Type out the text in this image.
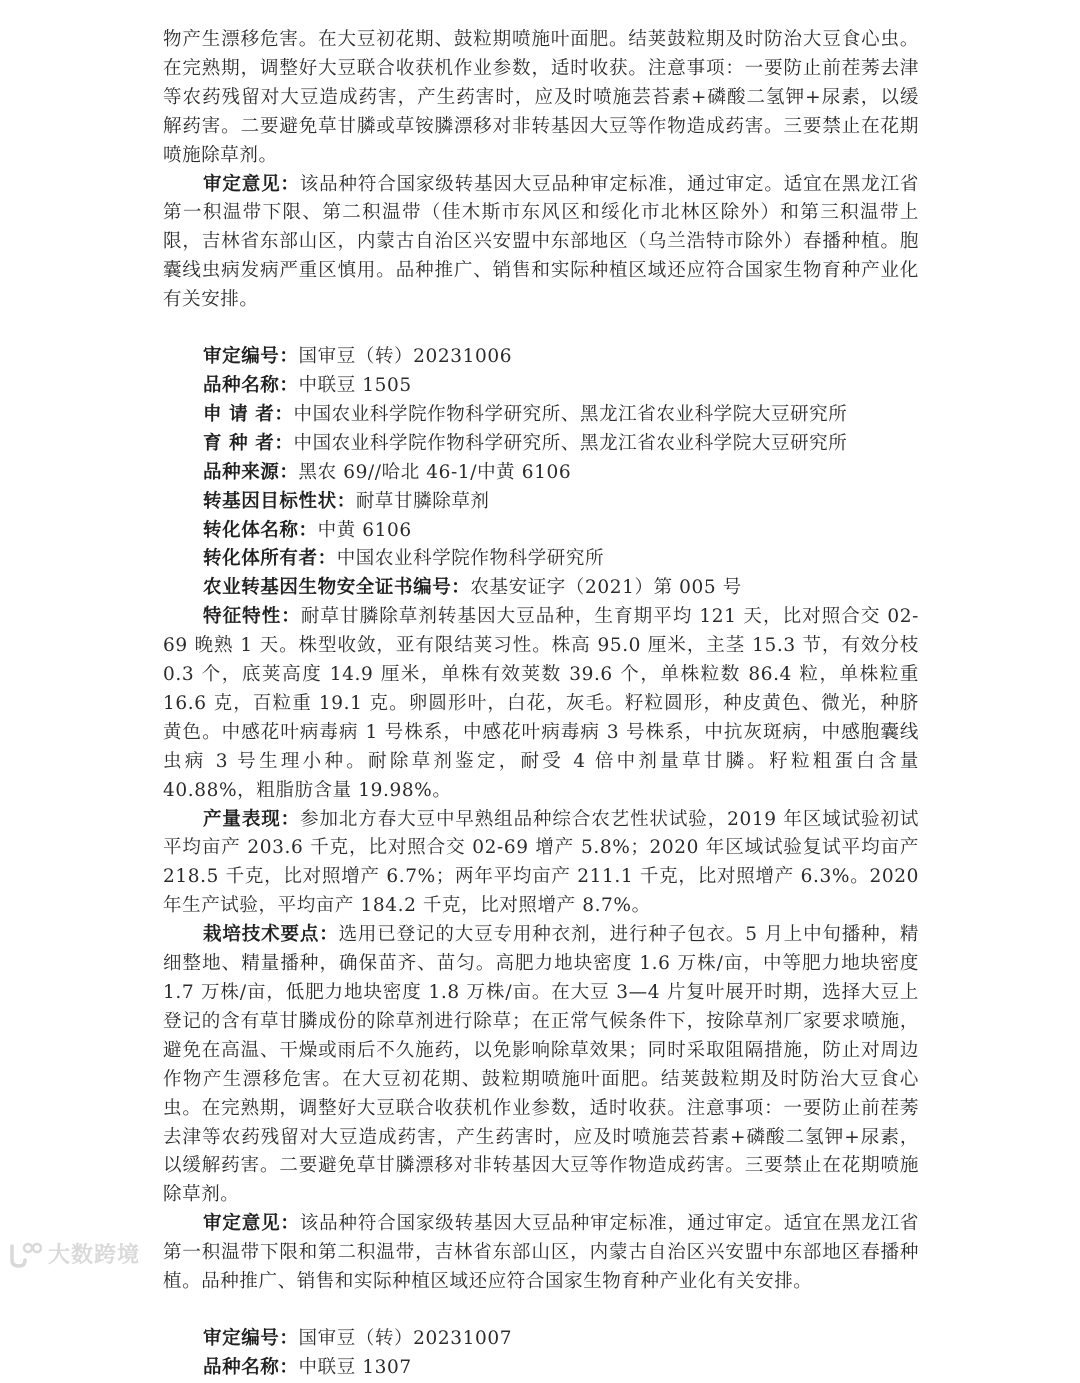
物产生漂移危害。在大豆初花期、鼓粒期喷施叶面肥。结荚鼓粒期及时防治大豆食心虫。在完熟期，调整好大豆联合收获机作业参数，适时收获。注意事项：一要防止前茬莠去津等农药残留对大豆造成药害，产生药害时，应及时喷施芸苔素+磷酸二氢钾+尿素，以缓解药害。二要避免草甘膦或草铵膦漂移对非转基因大豆等作物造成药害。三要禁止在花期喷施除草剂。

审定意见：该品种符合国家级转基因大豆品种审定标准，通过审定。适宜在黑龙江省第一积温带下限、第二积温带（佳木斯市东风区和绥化市北林区除外）和第三积温带上限，吉林省东部山区，内蒙古自治区兴安盟中东部地区（乌兰浩特市除外）春播种植。胞囊线虫病发病严重区慎用。品种推广、销售和实际种植区域还应符合国家生物育种产业化有关安排。

审定编号：国审豆（转）20231006

品种名称：中联豆 1505

申 请 者：中国农业科学院作物科学研究所、黑龙江省农业科学院大豆研究所

育 种 者：中国农业科学院作物科学研究所、黑龙江省农业科学院大豆研究所

品种来源：黑农 69//哈北 46-1/中黄 6106

转基因目标性状：耐草甘膦除草剂

转化体名称：中黄 6106

转化体所有者：中国农业科学院作物科学研究所

农业转基因生物安全证书编号：农基安证字（2021）第 005 号

特征特性：耐草甘膦除草剂转基因大豆品种，生育期平均 121 天，比对照合交 02-69 晚熟 1 天。株型收敛，亚有限结荚习性。株高 95.0 厘米，主茎 15.3 节，有效分枝 0.3 个，底荚高度 14.9 厘米，单株有效荚数 39.6 个，单株粒数 86.4 粒，单株粒重 16.6 克，百粒重 19.1 克。卵圆形叶，白花，灰毛。籽粒圆形，种皮黄色、微光，种脐黄色。中感花叶病毒病 1 号株系，中感花叶病毒病 3 号株系，中抗灰斑病，中感胞囊线虫病 3 号生理小种。耐除草剂鉴定，耐受 4 倍中剂量草甘膦。籽粒粗蛋白含量 40.88%，粗脂肪含量 19.98%。

产量表现：参加北方春大豆中早熟组品种综合农艺性状试验，2019 年区域试验初试平均亩产 203.6 千克，比对照合交 02-69 增产 5.8%；2020 年区域试验复试平均亩产 218.5 千克，比对照增产 6.7%；两年平均亩产 211.1 千克，比对照增产 6.3%。2020 年生产试验，平均亩产 184.2 千克，比对照增产 8.7%。

栽培技术要点：选用已登记的大豆专用种衣剂，进行种子包衣。5 月上中旬播种，精细整地、精量播种，确保苗齐、苗匀。高肥力地块密度 1.6 万株/亩，中等肥力地块密度 1.7 万株/亩，低肥力地块密度 1.8 万株/亩。在大豆 3—4 片复叶展开时期，选择大豆上登记的含有草甘膦成份的除草剂进行除草；在正常气候条件下，按除草剂厂家要求喷施，避免在高温、干燥或雨后不久施药，以免影响除草效果；同时采取阻隔措施，防止对周边作物产生漂移危害。在大豆初花期、鼓粒期喷施叶面肥。结荚鼓粒期及时防治大豆食心虫。在完熟期，调整好大豆联合收获机作业参数，适时收获。注意事项：一要防止前茬莠去津等农药残留对大豆造成药害，产生药害时，应及时喷施芸苔素+磷酸二氢钾+尿素，以缓解药害。二要避免草甘膦漂移对非转基因大豆等作物造成药害。三要禁止在花期喷施除草剂。

审定意见：该品种符合国家级转基因大豆品种审定标准，通过审定。适宜在黑龙江省第一积温带下限和第二积温带，吉林省东部山区，内蒙古自治区兴安盟中东部地区春播种植。品种推广、销售和实际种植区域还应符合国家生物育种产业化有关安排。

审定编号：国审豆（转）20231007

品种名称：中联豆 1307

大数跨境
